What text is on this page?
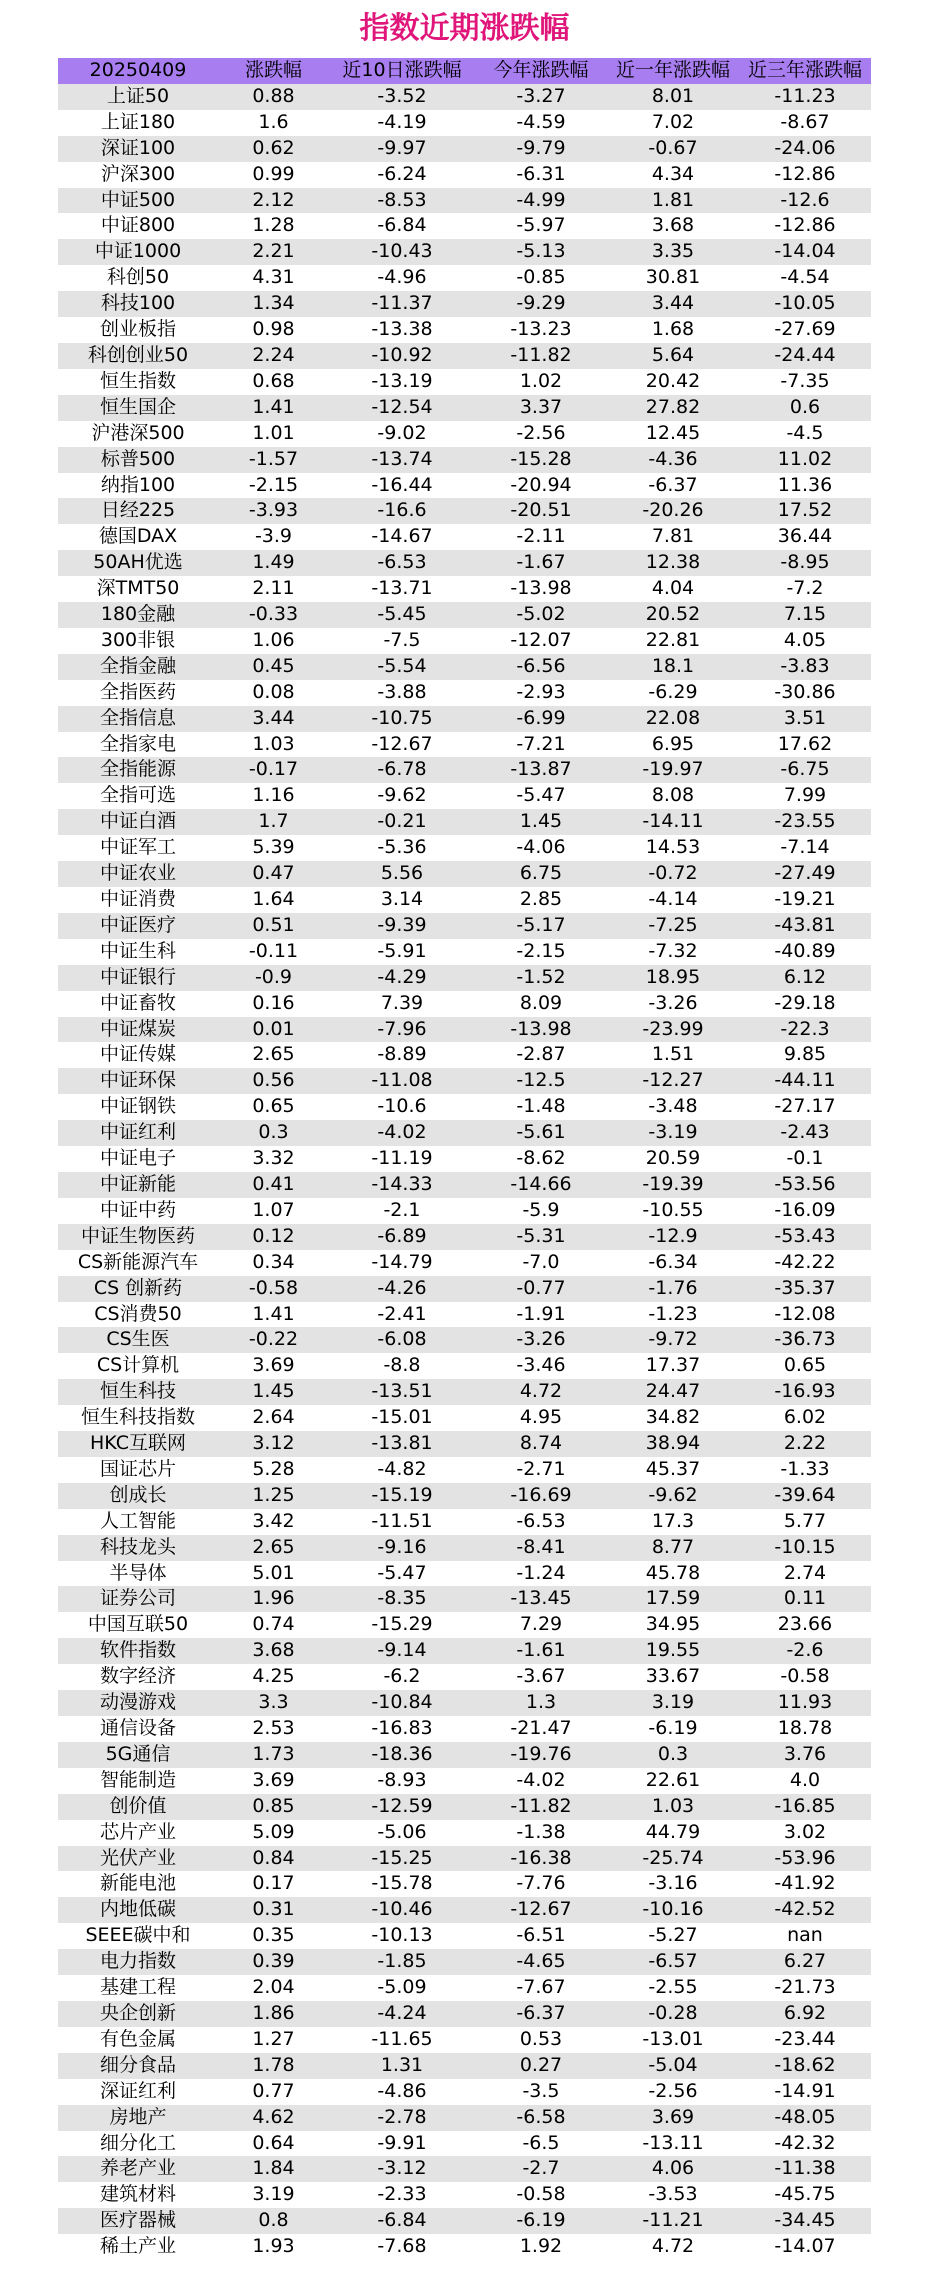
指数近期涨跌幅
20250409	涨跌幅	近10日涨跌幅	今年涨跌幅	近一年涨跌幅	近三年涨跌幅
上证50	0.88	-3.52	-3.27	8.01	-11.23
上证180	1.6	-4.19	-4.59	7.02	-8.67
深证100	0.62	-9.97	-9.79	-0.67	-24.06
沪深300	0.99	-6.24	-6.31	4.34	-12.86
中证500	2.12	-8.53	-4.99	1.81	-12.6
中证800	1.28	-6.84	-5.97	3.68	-12.86
中证1000	2.21	-10.43	-5.13	3.35	-14.04
科创50	4.31	-4.96	-0.85	30.81	-4.54
科技100	1.34	-11.37	-9.29	3.44	-10.05
创业板指	0.98	-13.38	-13.23	1.68	-27.69
科创创业50	2.24	-10.92	-11.82	5.64	-24.44
恒生指数	0.68	-13.19	1.02	20.42	-7.35
恒生国企	1.41	-12.54	3.37	27.82	0.6
沪港深500	1.01	-9.02	-2.56	12.45	-4.5
标普500	-1.57	-13.74	-15.28	-4.36	11.02
纳指100	-2.15	-16.44	-20.94	-6.37	11.36
日经225	-3.93	-16.6	-20.51	-20.26	17.52
德国DAX	-3.9	-14.67	-2.11	7.81	36.44
50AH优选	1.49	-6.53	-1.67	12.38	-8.95
深TMT50	2.11	-13.71	-13.98	4.04	-7.2
180金融	-0.33	-5.45	-5.02	20.52	7.15
300非银	1.06	-7.5	-12.07	22.81	4.05
全指金融	0.45	-5.54	-6.56	18.1	-3.83
全指医药	0.08	-3.88	-2.93	-6.29	-30.86
全指信息	3.44	-10.75	-6.99	22.08	3.51
全指家电	1.03	-12.67	-7.21	6.95	17.62
全指能源	-0.17	-6.78	-13.87	-19.97	-6.75
全指可选	1.16	-9.62	-5.47	8.08	7.99
中证白酒	1.7	-0.21	1.45	-14.11	-23.55
中证军工	5.39	-5.36	-4.06	14.53	-7.14
中证农业	0.47	5.56	6.75	-0.72	-27.49
中证消费	1.64	3.14	2.85	-4.14	-19.21
中证医疗	0.51	-9.39	-5.17	-7.25	-43.81
中证生科	-0.11	-5.91	-2.15	-7.32	-40.89
中证银行	-0.9	-4.29	-1.52	18.95	6.12
中证畜牧	0.16	7.39	8.09	-3.26	-29.18
中证煤炭	0.01	-7.96	-13.98	-23.99	-22.3
中证传媒	2.65	-8.89	-2.87	1.51	9.85
中证环保	0.56	-11.08	-12.5	-12.27	-44.11
中证钢铁	0.65	-10.6	-1.48	-3.48	-27.17
中证红利	0.3	-4.02	-5.61	-3.19	-2.43
中证电子	3.32	-11.19	-8.62	20.59	-0.1
中证新能	0.41	-14.33	-14.66	-19.39	-53.56
中证中药	1.07	-2.1	-5.9	-10.55	-16.09
中证生物医药	0.12	-6.89	-5.31	-12.9	-53.43
CS新能源汽车	0.34	-14.79	-7.0	-6.34	-42.22
CS 创新药	-0.58	-4.26	-0.77	-1.76	-35.37
CS消费50	1.41	-2.41	-1.91	-1.23	-12.08
CS生医	-0.22	-6.08	-3.26	-9.72	-36.73
CS计算机	3.69	-8.8	-3.46	17.37	0.65
恒生科技	1.45	-13.51	4.72	24.47	-16.93
恒生科技指数	2.64	-15.01	4.95	34.82	6.02
HKC互联网	3.12	-13.81	8.74	38.94	2.22
国证芯片	5.28	-4.82	-2.71	45.37	-1.33
创成长	1.25	-15.19	-16.69	-9.62	-39.64
人工智能	3.42	-11.51	-6.53	17.3	5.77
科技龙头	2.65	-9.16	-8.41	8.77	-10.15
半导体	5.01	-5.47	-1.24	45.78	2.74
证券公司	1.96	-8.35	-13.45	17.59	0.11
中国互联50	0.74	-15.29	7.29	34.95	23.66
软件指数	3.68	-9.14	-1.61	19.55	-2.6
数字经济	4.25	-6.2	-3.67	33.67	-0.58
动漫游戏	3.3	-10.84	1.3	3.19	11.93
通信设备	2.53	-16.83	-21.47	-6.19	18.78
5G通信	1.73	-18.36	-19.76	0.3	3.76
智能制造	3.69	-8.93	-4.02	22.61	4.0
创价值	0.85	-12.59	-11.82	1.03	-16.85
芯片产业	5.09	-5.06	-1.38	44.79	3.02
光伏产业	0.84	-15.25	-16.38	-25.74	-53.96
新能电池	0.17	-15.78	-7.76	-3.16	-41.92
内地低碳	0.31	-10.46	-12.67	-10.16	-42.52
SEEE碳中和	0.35	-10.13	-6.51	-5.27	nan
电力指数	0.39	-1.85	-4.65	-6.57	6.27
基建工程	2.04	-5.09	-7.67	-2.55	-21.73
央企创新	1.86	-4.24	-6.37	-0.28	6.92
有色金属	1.27	-11.65	0.53	-13.01	-23.44
细分食品	1.78	1.31	0.27	-5.04	-18.62
深证红利	0.77	-4.86	-3.5	-2.56	-14.91
房地产	4.62	-2.78	-6.58	3.69	-48.05
细分化工	0.64	-9.91	-6.5	-13.11	-42.32
养老产业	1.84	-3.12	-2.7	4.06	-11.38
建筑材料	3.19	-2.33	-0.58	-3.53	-45.75
医疗器械	0.8	-6.84	-6.19	-11.21	-34.45
稀土产业	1.93	-7.68	1.92	4.72	-14.07
